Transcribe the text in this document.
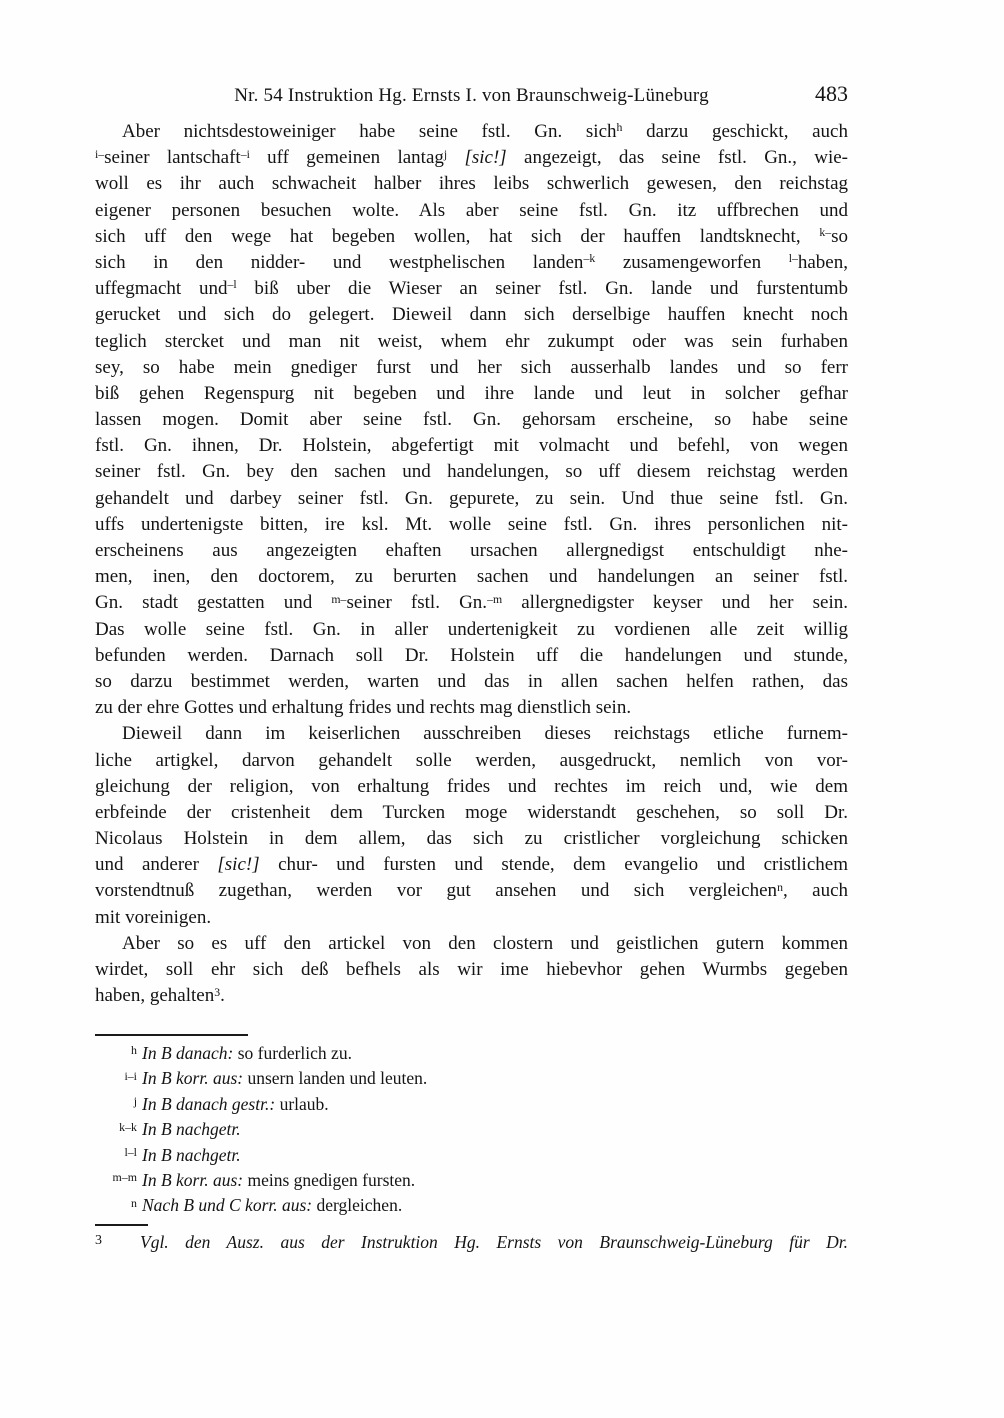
Nr. 54 Instruktion Hg. Ernsts I. von Braunschweig-Lüneburg	483
Aber nichtsdestoweiniger habe seine fstl. Gn. sich$^h$ darzu geschickt, auch
$^{i-}$seiner lantschaft$^{-i}$ uff gemeinen lantag$^j$ [sic!] angezeigt, das seine fstl. Gn., wie-
woll es ihr auch schwacheit halber ihres leibs schwerlich gewesen, den reichstag
eigener personen besuchen wolte. Als aber seine fstl. Gn. itz uffbrechen und
sich uff den wege hat begeben wollen, hat sich der hauffen landtsknecht, $^{k-}$so
sich in den nidder- und westphelischen landen$^{-k}$ zusamengeworfen $^{l-}$haben,
uffegmacht und$^{-l}$ biß uber die Wieser an seiner fstl. Gn. lande und furstentumb
gerucket und sich do gelegert. Dieweil dann sich derselbige hauffen knecht noch
teglich stercket und man nit weist, whem ehr zukumpt oder was sein furhaben
sey, so habe mein gnediger furst und her sich ausserhalb landes und so ferr
biß gehen Regenspurg nit begeben und ihre lande und leut in solcher gefhar
lassen mogen. Domit aber seine fstl. Gn. gehorsam erscheine, so habe seine
fstl. Gn. ihnen, Dr. Holstein, abgefertigt mit volmacht und befehl, von wegen
seiner fstl. Gn. bey den sachen und handelungen, so uff diesem reichstag werden
gehandelt und darbey seiner fstl. Gn. gepurete, zu sein. Und thue seine fstl. Gn.
uffs undertenigste bitten, ire ksl. Mt. wolle seine fstl. Gn. ihres personlichen nit-
erscheinens aus angezeigten ehaften ursachen allergnedigst entschuldigt nhe-
men, inen, den doctorem, zu berurten sachen und handelungen an seiner fstl.
Gn. stadt gestatten und $^{m-}$seiner fstl. Gn.$^{-m}$ allergnedigster keyser und her sein.
Das wolle seine fstl. Gn. in aller undertenigkeit zu vordienen alle zeit willig
befunden werden. Darnach soll Dr. Holstein uff die handelungen und stunde,
so darzu bestimmet werden, warten und das in allen sachen helfen rathen, das
zu der ehre Gottes und erhaltung frides und rechts mag dienstlich sein.
Dieweil dann im keiserlichen ausschreiben dieses reichstags etliche furnem-
liche artigkel, darvon gehandelt solle werden, ausgedruckt, nemlich von vor-
gleichung der religion, von erhaltung frides und rechtes im reich und, wie dem
erbfeinde der cristenheit dem Turcken moge widerstandt geschehen, so soll Dr.
Nicolaus Holstein in dem allem, das sich zu cristlicher vorgleichung schicken
und anderer [sic!] chur- und fursten und stende, dem evangelio und cristlichem
vorstendtnuß zugethan, werden vor gut ansehen und sich vergleichen$^n$, auch
mit voreinigen.
Aber so es uff den artickel von den clostern und geistlichen gutern kommen
wirdet, soll ehr sich deß befhels als wir ime hiebevhor gehen Wurmbs gegeben
haben, gehalten$^3$.
h In B danach: so furderlich zu.
i–i In B korr. aus: unsern landen und leuten.
j In B danach gestr.: urlaub.
k–k In B nachgetr.
l–l In B nachgetr.
m–m In B korr. aus: meins gnedigen fursten.
n Nach B und C korr. aus: dergleichen.
3 Vgl. den Ausz. aus der Instruktion Hg. Ernsts von Braunschweig-Lüneburg für Dr.
